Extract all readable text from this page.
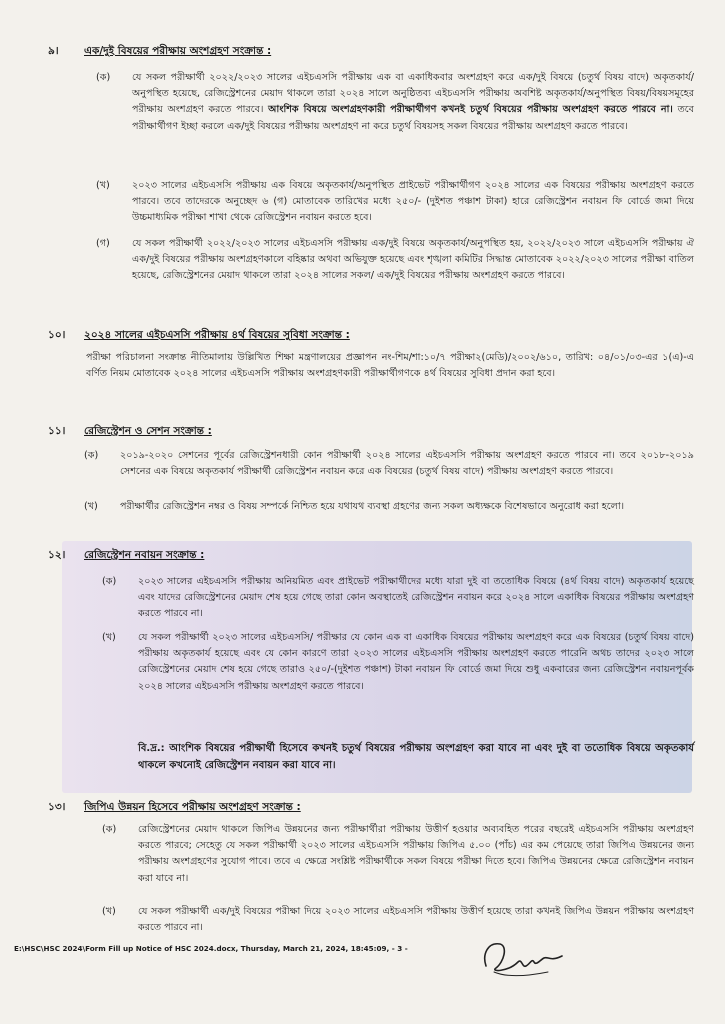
৯। এক/দুই বিষয়ের পরীক্ষায় অংশগ্রহণ সংক্রান্ত :
(ক) যে সকল পরীক্ষার্থী ২০২২/২০২৩ সালের এইচএসসি পরীক্ষায় এক বা একাধিকবার অংশগ্রহণ করে এক/দুই বিষয়ে (চতুর্থ বিষয় বাদে) অকৃতকার্য/অনুপস্থিত হয়েছে, রেজিস্ট্রেশনের মেয়াদ থাকলে তারা ২০২৪ সালে অনুষ্ঠিতব্য এইচএসসি পরীক্ষায় অবশিষ্ট অকৃতকার্য/অনুপস্থিত বিষয়/বিষয়সমূহের পরীক্ষায় অংশগ্রহণ করতে পারবে। আংশিক বিষয়ে অংশগ্রহণকারী পরীক্ষার্থীগণ কখনই চতুর্থ বিষয়ের পরীক্ষায় অংশগ্রহণ করতে পারবে না। তবে পরীক্ষার্থীগণ ইচ্ছা করলে এক/দুই বিষয়ের পরীক্ষায় অংশগ্রহণ না করে চতুর্থ বিষয়সহ সকল বিষয়ের পরীক্ষায় অংশগ্রহণ করতে পারবে।
(খ) ২০২৩ সালের এইচএসসি পরীক্ষায় এক বিষয়ে অকৃতকার্য/অনুপস্থিত প্রাইভেট পরীক্ষার্থীগণ ২০২৪ সালের এক বিষয়ের পরীক্ষায় অংশগ্রহণ করতে পারবে। তবে তাদেরকে অনুচ্ছেদ ৬ (গ) মোতাবেক তারিখের মধ্যে ২৫০/- (দুইশত পঞ্চাশ টাকা) হারে রেজিস্ট্রেশন নবায়ন ফি বোর্ডে জমা দিয়ে উচ্চমাধ্যমিক পরীক্ষা শাখা থেকে রেজিস্ট্রেশন নবায়ন করতে হবে।
(গ) যে সকল পরীক্ষার্থী ২০২২/২০২৩ সালের এইচএসসি পরীক্ষায় এক/দুই বিষয়ে অকৃতকার্য/অনুপস্থিত হয়, ২০২২/২০২৩ সালে এইচএসসি পরীক্ষায় ঐ এক/দুই বিষয়ের পরীক্ষায় অংশগ্রহণকালে বহিষ্কার অথবা অভিযুক্ত হয়েছে এবং শৃঙ্খলা কমিটির সিদ্ধান্ত মোতাবেক ২০২২/২০২৩ সালের পরীক্ষা বাতিল হয়েছে, রেজিস্ট্রেশনের মেয়াদ থাকলে তারা ২০২৪ সালের সকল/ এক/দুই বিষয়ের পরীক্ষায় অংশগ্রহণ করতে পারবে।
১০। ২০২৪ সালের এইচএসসি পরীক্ষায় ৪র্থ বিষয়ের সুবিধা সংক্রান্ত :
পরীক্ষা পরিচালনা সংক্রান্ত নীতিমালায় উল্লিখিত শিক্ষা মন্ত্রণালয়ের প্রজ্ঞাপন নং-শিম/শা:১০/৭ পরীক্ষা২(মেডি)/২০০২/৬১০, তারিখ: ০৪/০১/০৩-এর ১(এ)-এ বর্ণিত নিয়ম মোতাবেক ২০২৪ সালের এইচএসসি পরীক্ষায় অংশগ্রহণকারী পরীক্ষার্থীগণকে ৪র্থ বিষয়ের সুবিধা প্রদান করা হবে।
১১। রেজিস্ট্রেশন ও সেশন সংক্রান্ত :
(ক) ২০১৯-২০২০ সেশনের পূর্বের রেজিস্ট্রেশনধারী কোন পরীক্ষার্থী ২০২৪ সালের এইচএসসি পরীক্ষায় অংশগ্রহণ করতে পারবে না। তবে ২০১৮-২০১৯ সেশনের এক বিষয়ে অকৃতকার্য পরীক্ষার্থী রেজিস্ট্রেশন নবায়ন করে এক বিষয়ের (চতুর্থ বিষয় বাদে) পরীক্ষায় অংশগ্রহণ করতে পারবে।
(খ) পরীক্ষার্থীর রেজিস্ট্রেশন নম্বর ও বিষয় সম্পর্কে নিশ্চিত হয়ে যথাযথ ব্যবস্থা গ্রহণের জন্য সকল অধ্যক্ষকে বিশেষভাবে অনুরোধ করা হলো।
১২। রেজিস্ট্রেশন নবায়ন সংক্রান্ত :
(ক) ২০২৩ সালের এইচএসসি পরীক্ষায় অনিয়মিত এবং প্রাইভেট পরীক্ষার্থীদের মধ্যে যারা দুই বা ততোধিক বিষয়ে (৪র্থ বিষয় বাদে) অকৃতকার্য হয়েছে এবং যাদের রেজিস্ট্রেশনের মেয়াদ শেষ হয়ে গেছে তারা কোন অবস্থাতেই রেজিস্ট্রেশন নবায়ন করে ২০২৪ সালে একাধিক বিষয়ের পরীক্ষায় অংশগ্রহণ করতে পারবে না।
(খ) যে সকল পরীক্ষার্থী ২০২৩ সালের এইচএসসি/ পরীক্ষার যে কোন এক বা একাধিক বিষয়ের পরীক্ষায় অংশগ্রহণ করে এক বিষয়ের (চতুর্থ বিষয় বাদে) পরীক্ষায় অকৃতকার্য হয়েছে এবং যে কোন কারণে তারা ২০২৩ সালের এইচএসসি পরীক্ষায় অংশগ্রহণ করতে পারেনি অথচ তাদের ২০২৩ সালে রেজিস্ট্রেশনের মেয়াদ শেষ হয়ে গেছে তারাও ২৫০/-(দুইশত পঞ্চাশ) টাকা নবায়ন ফি বোর্ডে জমা দিয়ে শুধু একবারের জন্য রেজিস্ট্রেশন নবায়নপূর্বক ২০২৪ সালের এইচএসসি পরীক্ষায় অংশগ্রহণ করতে পারবে।
বি.দ্র.: আংশিক বিষয়ের পরীক্ষার্থী হিসেবে কখনই চতুর্থ বিষয়ের পরীক্ষায় অংশগ্রহণ করা যাবে না এবং দুই বা ততোধিক বিষয়ে অকৃতকার্য থাকলে কখনোই রেজিস্ট্রেশন নবায়ন করা যাবে না।
১৩। জিপিএ উন্নয়ন হিসেবে পরীক্ষায় অংশগ্রহণ সংক্রান্ত :
(ক) রেজিস্ট্রেশনের মেয়াদ থাকলে জিপিএ উন্নয়নের জন্য পরীক্ষার্থীরা পরীক্ষায় উত্তীর্ণ হওয়ার অব্যবহিত পরের বছরেই এইচএসসি পরীক্ষায় অংশগ্রহণ করতে পারবে; সেহেতু যে সকল পরীক্ষার্থী ২০২৩ সালের এইচএসসি পরীক্ষায় জিপিএ ৫.০০ (পাঁচ) এর কম পেয়েছে তারা জিপিএ উন্নয়নের জন্য পরীক্ষায় অংশগ্রহণের সুযোগ পাবে। তবে এ ক্ষেত্রে সংশ্লিষ্ট পরীক্ষার্থীকে সকল বিষয়ে পরীক্ষা দিতে হবে। জিপিএ উন্নয়নের ক্ষেত্রে রেজিস্ট্রেশন নবায়ন করা যাবে না।
(খ) যে সকল পরীক্ষার্থী এক/দুই বিষয়ের পরীক্ষা দিয়ে ২০২৩ সালের এইচএসসি পরীক্ষায় উত্তীর্ণ হয়েছে তারা কখনই জিপিএ উন্নয়ন পরীক্ষায় অংশগ্রহণ করতে পারবে না।
E:\HSC\HSC 2024\Form Fill up Notice of HSC 2024.docx, Thursday, March 21, 2024, 18:45:09, - 3 -
